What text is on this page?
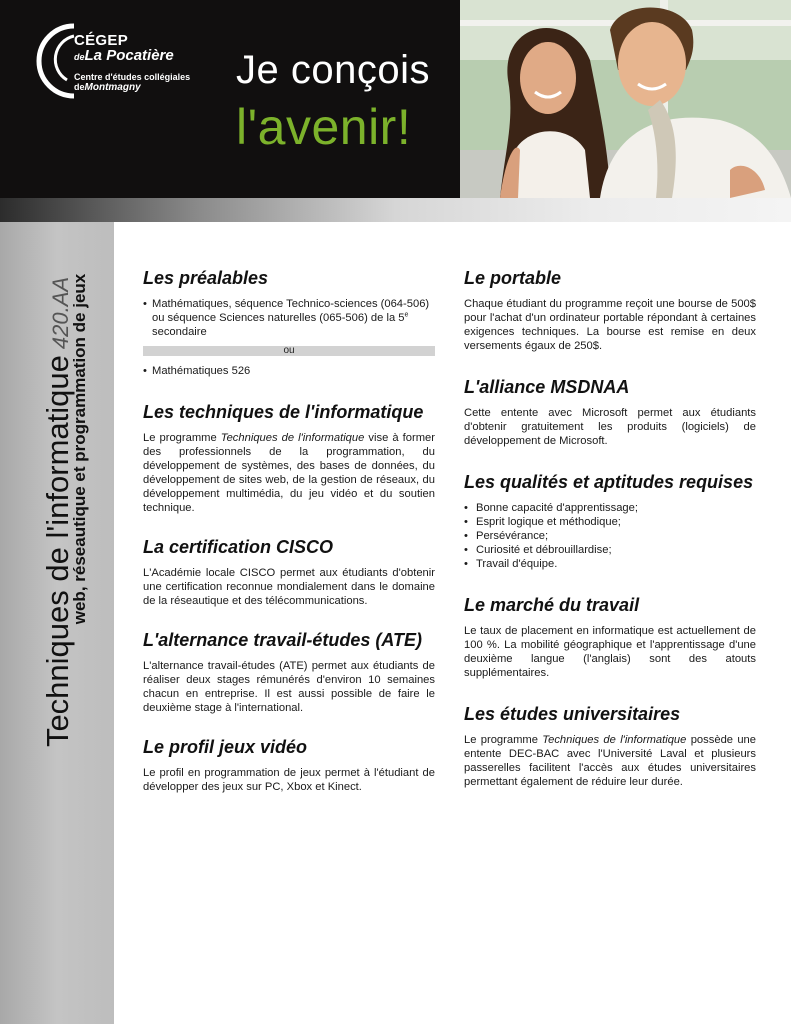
CÉGEP
deLa Pocatière
Centre d'études collégiales
deMontmagny	Je conçois
l'avenir!
Techniques de l'informatique420.AA
web, réseautique et programmation de jeux	Les préalables
• Mathématiques, séquence Technico-sciences (064-506) ou séquence Sciences naturelles (065-506) de la 5e secondaire
ou
• Mathématiques 526
Les techniques de l'informatique

Le programme Techniques de l'informatique vise à former des professionnels de la programmation, du développement de systèmes, des bases de données, du développement de sites web, de la gestion de réseaux, du développement multimédia, du jeu vidéo et du soutien technique.

La certification CISCO

L'Académie locale CISCO permet aux étudiants d'obtenir une certification reconnue mondialement dans le domaine de la réseautique et des télécommunications.

L'alternance travail-études (ATE)

L'alternance travail-études (ATE) permet aux étudiants de réaliser deux stages rémunérés d'environ 10 semaines chacun en entreprise. Il est aussi possible de faire le deuxième stage à l'international.

Le profil jeux vidéo

Le profil en programmation de jeux permet à l'étudiant de développer des jeux sur PC, Xbox et Kinect.

Le portable

Chaque étudiant du programme reçoit une bourse de 500$ pour l'achat d'un ordinateur portable répondant à certaines exigences techniques. La bourse est remise en deux versements égaux de 250$.

L'alliance MSDNAA

Cette entente avec Microsoft permet aux étudiants d'obtenir gratuitement les produits (logiciels) de développement de Microsoft.

Les qualités et aptitudes requises
• Bonne capacité d'apprentissage;
• Esprit logique et méthodique;
• Persévérance;
• Curiosité et débrouillardise;
• Travail d'équipe.
Le marché du travail

Le taux de placement en informatique est actuellement de 100 %. La mobilité géographique et l'apprentissage d'une deuxième langue (l'anglais) sont des atouts supplémentaires.

Les études universitaires

Le programme Techniques de l'informatique possède une entente DEC-BAC avec l'Université Laval et plusieurs passerelles facilitent l'accès aux études universitaires permettant également de réduire leur durée.
